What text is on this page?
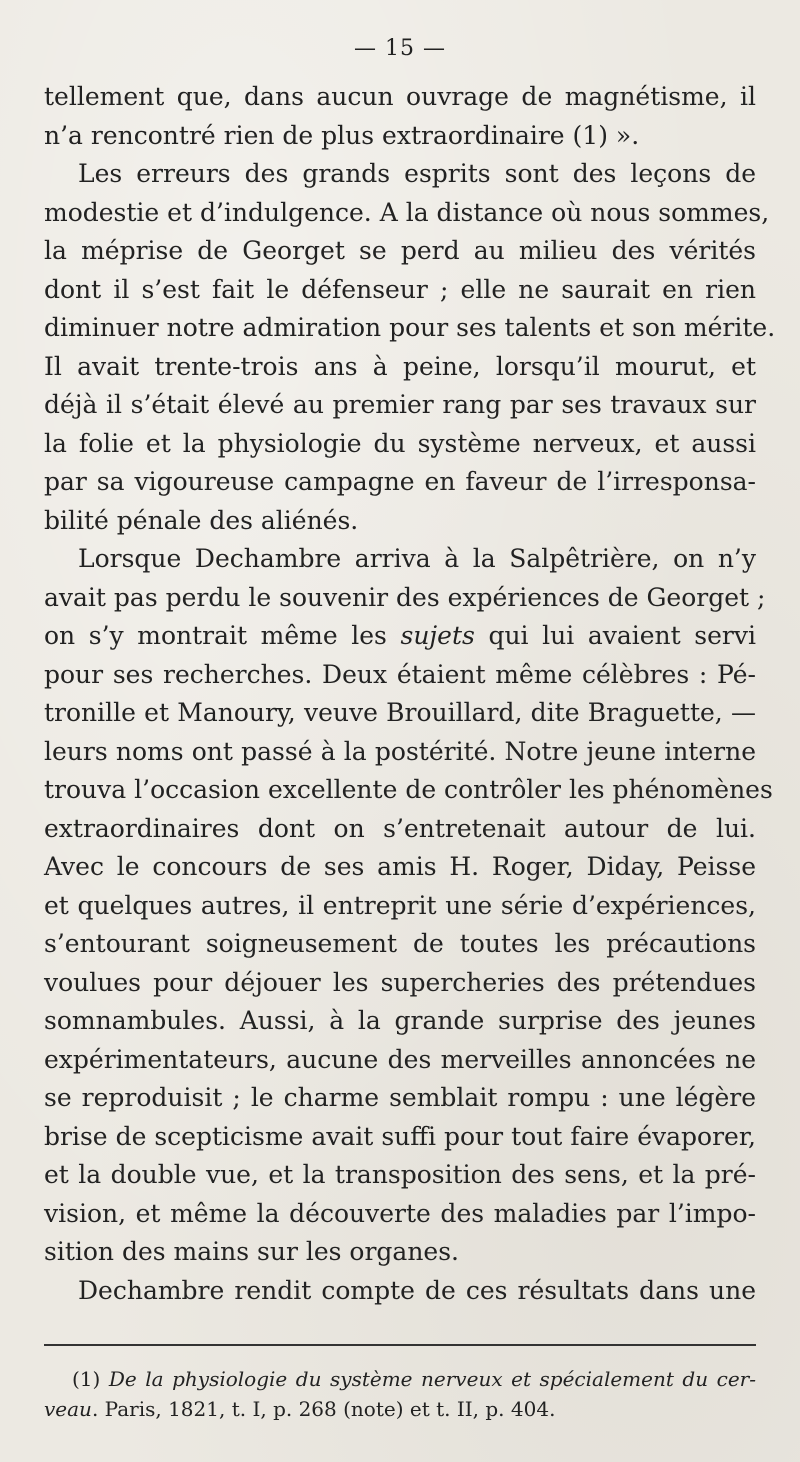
— 15 —
tellement que, dans aucun ouvrage de magnétisme, il
n’a rencontré rien de plus extraordinaire (1) ».
Les erreurs des grands esprits sont des leçons de
modestie et d’indulgence. A la distance où nous sommes,
la méprise de Georget se perd au milieu des vérités
dont il s’est fait le défenseur ; elle ne saurait en rien
diminuer notre admiration pour ses talents et son mérite.
Il avait trente-trois ans à peine, lorsqu’il mourut, et
déjà il s’était élevé au premier rang par ses travaux sur
la folie et la physiologie du système nerveux, et aussi
par sa vigoureuse campagne en faveur de l’irresponsa-
bilité pénale des aliénés.
Lorsque Dechambre arriva à la Salpêtrière, on n’y
avait pas perdu le souvenir des expériences de Georget ;
on s’y montrait même les sujets qui lui avaient servi
pour ses recherches. Deux étaient même célèbres : Pé-
tronille et Manoury, veuve Brouillard, dite Braguette, —
leurs noms ont passé à la postérité. Notre jeune interne
trouva l’occasion excellente de contrôler les phénomènes
extraordinaires dont on s’entretenait autour de lui.
Avec le concours de ses amis H. Roger, Diday, Peisse
et quelques autres, il entreprit une série d’expériences,
s’entourant soigneusement de toutes les précautions
voulues pour déjouer les supercheries des prétendues
somnambules. Aussi, à la grande surprise des jeunes
expérimentateurs, aucune des merveilles annoncées ne
se reproduisit ; le charme semblait rompu : une légère
brise de scepticisme avait suffi pour tout faire évaporer,
et la double vue, et la transposition des sens, et la pré-
vision, et même la découverte des maladies par l’impo-
sition des mains sur les organes.
Dechambre rendit compte de ces résultats dans une
(1) De la physiologie du système nerveux et spécialement du cer-
veau. Paris, 1821, t. I, p. 268 (note) et t. II, p. 404.
